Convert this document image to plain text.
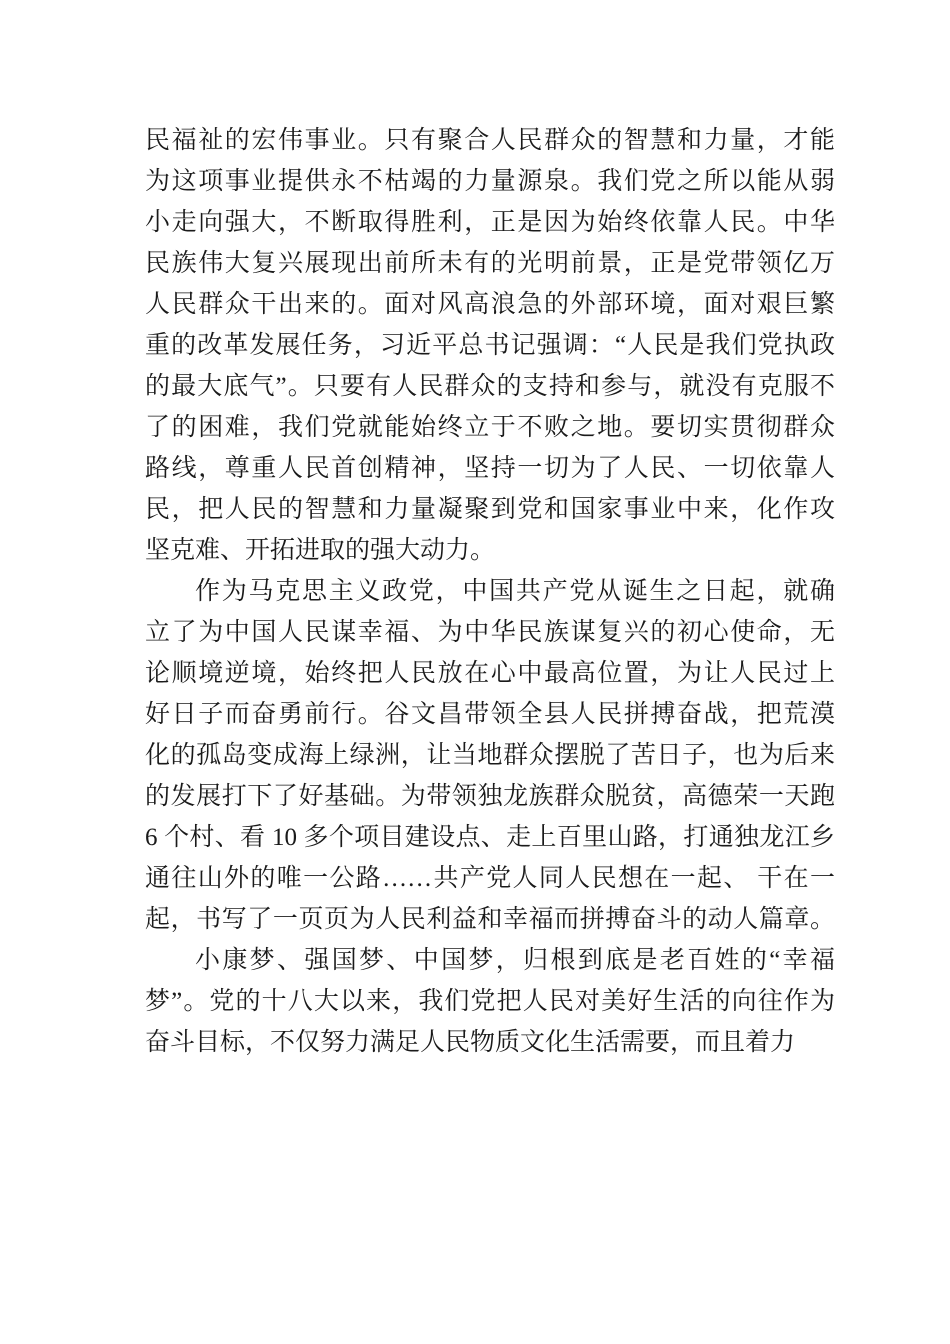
民福祉的宏伟事业。只有聚合人民群众的智慧和力量，才能
为这项事业提供永不枯竭的力量源泉。我们党之所以能从弱
小走向强大，不断取得胜利，正是因为始终依靠人民。中华
民族伟大复兴展现出前所未有的光明前景，正是党带领亿万
人民群众干出来的。面对风高浪急的外部环境，面对艰巨繁
重的改革发展任务，习近平总书记强调：“人民是我们党执政
的最大底气”。只要有人民群众的支持和参与，就没有克服不
了的困难，我们党就能始终立于不败之地。要切实贯彻群众
路线，尊重人民首创精神，坚持一切为了人民、一切依靠人
民，把人民的智慧和力量凝聚到党和国家事业中来，化作攻
坚克难、开拓进取的强大动力。
作为马克思主义政党，中国共产党从诞生之日起，就确
立了为中国人民谋幸福、为中华民族谋复兴的初心使命，无
论顺境逆境，始终把人民放在心中最高位置，为让人民过上
好日子而奋勇前行。谷文昌带领全县人民拼搏奋战，把荒漠
化的孤岛变成海上绿洲，让当地群众摆脱了苦日子，也为后来
的发展打下了好基础。为带领独龙族群众脱贫，高德荣一天跑
6 个村、看 10 多个项目建设点、走上百里山路，打通独龙江乡
通往山外的唯一公路……共产党人同人民想在一起、 干在一
起，书写了一页页为人民利益和幸福而拼搏奋斗的动人篇章。
小康梦、强国梦、中国梦，归根到底是老百姓的“幸福
梦”。党的十八大以来，我们党把人民对美好生活的向往作为
奋斗目标，不仅努力满足人民物质文化生活需要，而且着力
